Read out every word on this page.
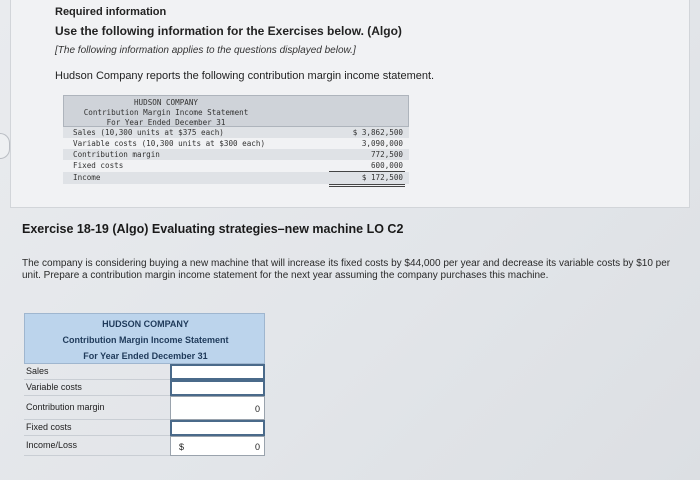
Required information
Use the following information for the Exercises below. (Algo)
[The following information applies to the questions displayed below.]
Hudson Company reports the following contribution margin income statement.
HUDSON COMPANY
Contribution Margin Income Statement
For Year Ended December 31
Sales (10,300 units at $375 each)	$ 3,862,500
Variable costs (10,300 units at $300 each)	3,090,000
Contribution margin	772,500
Fixed costs	600,000
Income	$ 172,500
Exercise 18-19 (Algo) Evaluating strategies–new machine LO C2
The company is considering buying a new machine that will increase its fixed costs by $44,000 per year and decrease its variable costs by $10 per unit. Prepare a contribution margin income statement for the next year assuming the company purchases this machine.
HUDSON COMPANY
Contribution Margin Income Statement
For Year Ended December 31
Sales
Variable costs
Contribution margin	0
Fixed costs
Income/Loss	$	0
